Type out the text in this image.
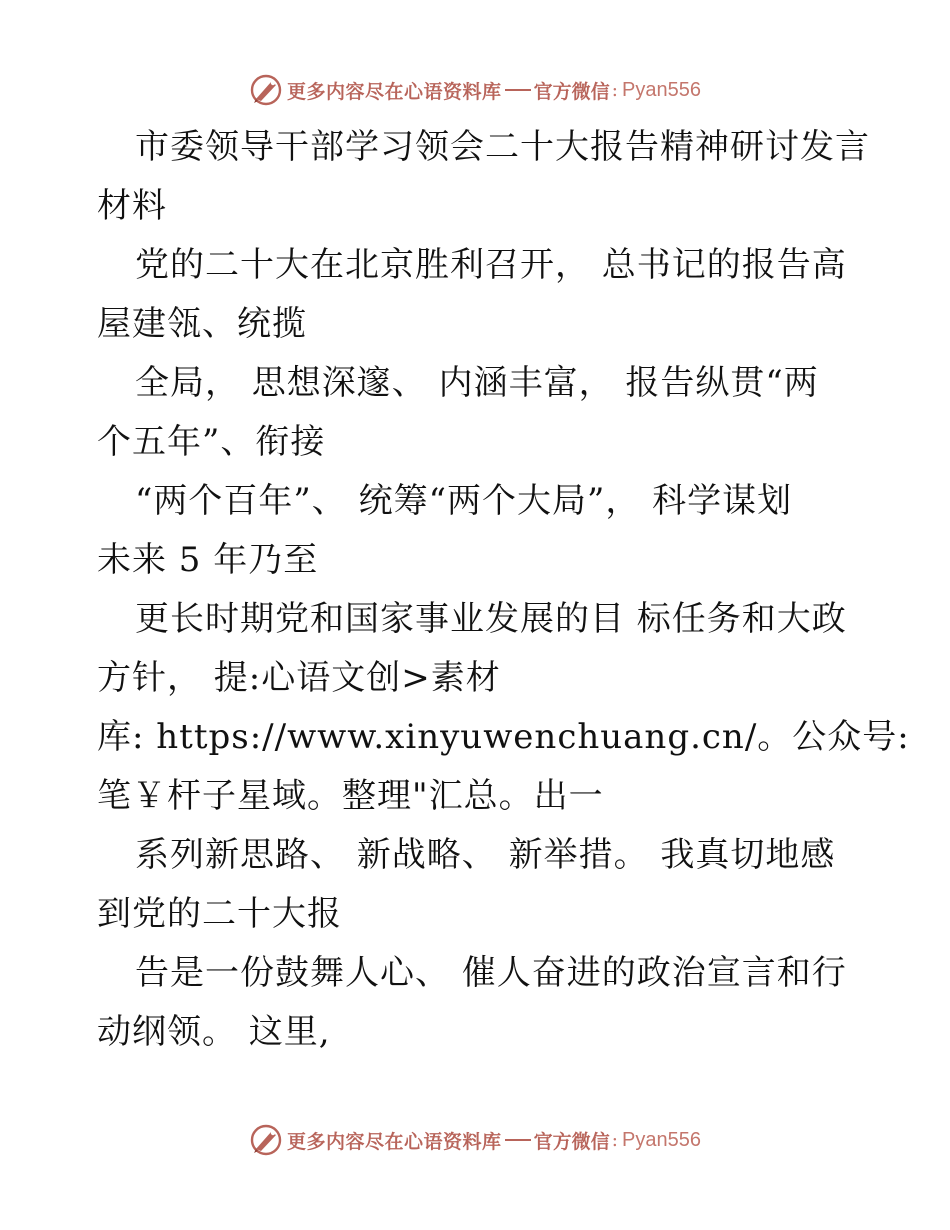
更多内容尽在心语资料库 官方微信 : Pyan556
市委领导干部学习领会二十大报告精神研讨发言
材料
党的二十大在北京胜利召开， 总书记的报告高
屋建瓴、统揽
全局， 思想深邃、 内涵丰富， 报告纵贯“两
个五年”、衔接
“两个百年”、 统筹“两个大局”， 科学谋划
未来 5 年乃至
更长时期党和国家事业发展的目 标任务和大政
方针， 提:心语文创>素材
库: https://www.xinyuwenchuang.cn/。公众号:
笔￥杆子星域。整理"汇总。出一
系列新思路、 新战略、 新举措。 我真切地感
到党的二十大报
告是一份鼓舞人心、 催人奋进的政治宣言和行
动纲领。 这里,
更多内容尽在心语资料库 官方微信 : Pyan556
